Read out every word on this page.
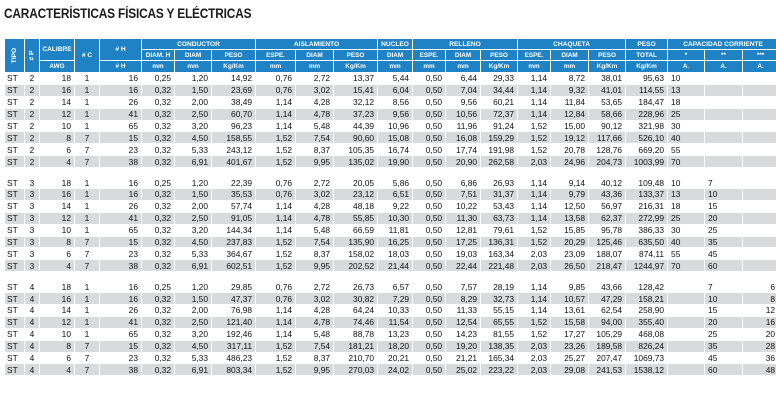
CARACTERÍSTICAS FÍSICAS Y ELÉCTRICAS
TIPO	# P	CALIBRE	# C	# H	CONDUCTOR			AISLAMIENTO			NUCLEO	RELLENO			CHAQUETA			PESO	CAPACIDAD CORRIENTE		
					DIAM. H	DIAM	PESO	ESPE.	DIAM	PESO	DIAM	ESPE.	DIAM	PESO	ESPE.	DIAM	PESO	TOTAL	*	**	***
		AWG		# H	mm	mm	Kg/Km	mm	mm	Kg/Km	mm	mm	mm	Kg/Km	mm	mm	Kg/Km	Kg/Km	A.	A.	A.
ST	2	18	1	16	0,25	1,20	14,92	0,76	2,72	13,37	5,44	0,50	6,44	29,33	1,14	8,72	38,01	95,63	10		
ST	2	16	1	16	0,32	1,50	23,69	0,76	3,02	15,41	6,04	0,50	7,04	34,44	1,14	9,32	41,01	114,55	13		
ST	2	14	1	26	0,32	2,00	38,49	1,14	4,28	32,12	8,56	0,50	9,56	60,21	1,14	11,84	53,65	184,47	18		
ST	2	12	1	41	0,32	2,50	60,70	1,14	4,78	37,23	9,56	0,50	10,56	72,37	1,14	12,84	58,66	228,96	25		
ST	2	10	1	65	0,32	3,20	96,23	1,14	5,48	44,39	10,96	0,50	11,96	91,24	1,52	15,00	90,12	321,98	30		
ST	2	8	7	15	0,32	4,50	158,55	1,52	7,54	90,60	15,08	0,50	16,08	159,29	1,52	19,12	117,66	526,10	40		
ST	2	6	7	23	0,32	5,33	243,12	1,52	8,37	105,35	16,74	0,50	17,74	191,98	1,52	20,78	128,76	669,20	55		
ST	2	4	7	38	0,32	6,91	401,67	1,52	9,95	135,02	19,90	0,50	20,90	262,58	2,03	24,96	204,73	1003,99	70		

ST	3	18	1	16	0,25	1,20	22,39	0,76	2,72	20,05	5,86	0,50	6,86	26,93	1,14	9,14	40,12	109,48	10	7	
ST	3	16	1	16	0,32	1,50	35,53	0,76	3,02	23,12	6,51	0,50	7,51	31,37	1,14	9,79	43,36	133,37	13	10	
ST	3	14	1	26	0,32	2,00	57,74	1,14	4,28	48,18	9,22	0,50	10,22	53,43	1,14	12,50	56,97	216,31	18	15	
ST	3	12	1	41	0,32	2,50	91,05	1,14	4,78	55,85	10,30	0,50	11,30	63,73	1,14	13,58	62,37	272,99	25	20	
ST	3	10	1	65	0,32	3,20	144,34	1,14	5,48	66,59	11,81	0,50	12,81	79,61	1,52	15,85	95,78	386,33	30	25	
ST	3	8	7	15	0,32	4,50	237,83	1,52	7,54	135,90	16,25	0,50	17,25	136,31	1,52	20,29	125,46	635,50	40	35	
ST	3	6	7	23	0,32	5,33	364,67	1,52	8,37	158,02	18,03	0,50	19,03	163,34	2,03	23,09	188,07	874,11	55	45	
ST	3	4	7	38	0,32	6,91	602,51	1,52	9,95	202,52	21,44	0,50	22,44	221,48	2,03	26,50	218,47	1244,97	70	60	

ST	4	18	1	16	0,25	1,20	29,85	0,76	2,72	26,73	6,57	0,50	7,57	28,19	1,14	9,85	43,66	128,42		7	6
ST	4	16	1	16	0,32	1,50	47,37	0,76	3,02	30,82	7,29	0,50	8,29	32,73	1,14	10,57	47,29	158,21		10	8
ST	4	14	1	26	0,32	2,00	76,98	1,14	4,28	64,24	10,33	0,50	11,33	55,15	1,14	13,61	62,54	258,90		15	12
ST	4	12	1	41	0,32	2,50	121,40	1,14	4,78	74,46	11,54	0,50	12,54	65,55	1,52	15,58	94,00	355,40		20	16
ST	4	10	1	65	0,32	3,20	192,46	1,14	5,48	88,78	13,23	0,50	14,23	81,55	1,52	17,27	105,29	468,08		25	20
ST	4	8	7	15	0,32	4,50	317,11	1,52	7,54	181,21	18,20	0,50	19,20	138,35	2,03	23,26	189,58	826,24		35	28
ST	4	6	7	23	0,32	5,33	486,23	1,52	8,37	210,70	20,21	0,50	21,21	165,34	2,03	25,27	207,47	1069,73		45	36
ST	4	4	7	38	0,32	6,91	803,34	1,52	9,95	270,03	24,02	0,50	25,02	223,22	2,03	29,08	241,53	1538,12		60	48
